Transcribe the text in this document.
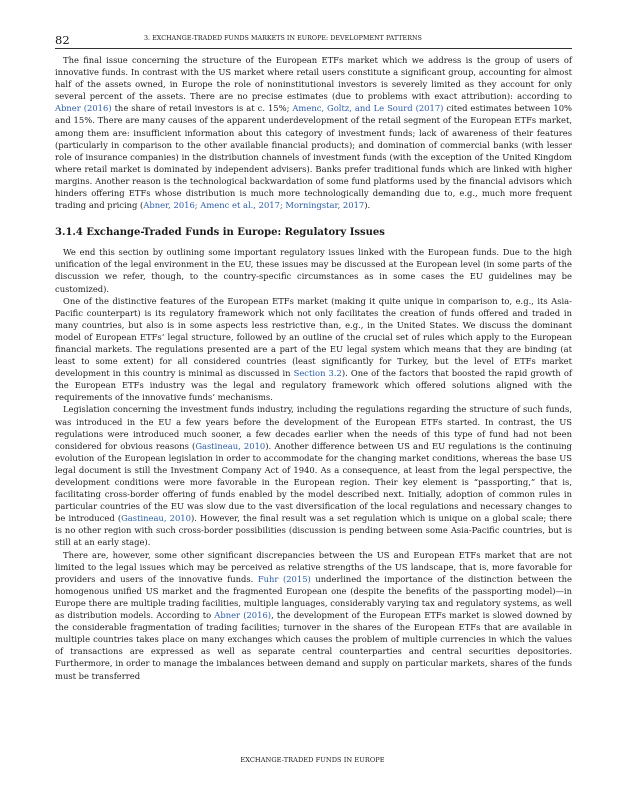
82	3. EXCHANGE-TRADED FUNDS MARKETS IN EUROPE: DEVELOPMENT PATTERNS

The final issue concerning the structure of the European ETFs market which we address is the group of users of innovative funds. In contrast with the US market where retail users constitute a significant group, accounting for almost half of the assets owned, in Europe the role of noninstitutional investors is severely limited as they account for only several percent of the assets. There are no precise estimates (due to problems with exact attribution): according to Abner (2016) the share of retail investors is at c. 15%; Amenc, Goltz, and Le Sourd (2017) cited estimates between 10% and 15%. There are many causes of the apparent underdevelopment of the retail segment of the European ETFs market, among them are: insufficient information about this category of investment funds; lack of awareness of their features (particularly in comparison to the other available financial products); and domination of commercial banks (with lesser role of insurance companies) in the distribution channels of investment funds (with the exception of the United Kingdom where retail market is dominated by independent advisers). Banks prefer traditional funds which are linked with higher margins. Another reason is the technological backwardation of some fund platforms used by the financial advisors which hinders offering ETFs whose distribution is much more technologically demanding due to, e.g., much more frequent trading and pricing (Abner, 2016; Amenc et al., 2017; Morningstar, 2017).

3.1.4 Exchange-Traded Funds in Europe: Regulatory Issues

We end this section by outlining some important regulatory issues linked with the European funds. Due to the high unification of the legal environment in the EU, these issues may be discussed at the European level (in some parts of the discussion we refer, though, to the country-specific circumstances as in some cases the EU guidelines may be customized).

One of the distinctive features of the European ETFs market (making it quite unique in comparison to, e.g., its Asia-Pacific counterpart) is its regulatory framework which not only facilitates the creation of funds offered and traded in many countries, but also is in some aspects less restrictive than, e.g., in the United States. We discuss the dominant model of European ETFs’ legal structure, followed by an outline of the crucial set of rules which apply to the European financial markets. The regulations presented are a part of the EU legal system which means that they are binding (at least to some extent) for all considered countries (least significantly for Turkey, but the level of ETFs market development in this country is minimal as discussed in Section 3.2). One of the factors that boosted the rapid growth of the European ETFs industry was the legal and regulatory framework which offered solutions aligned with the requirements of the innovative funds’ mechanisms.

Legislation concerning the investment funds industry, including the regulations regarding the structure of such funds, was introduced in the EU a few years before the development of the European ETFs started. In contrast, the US regulations were introduced much sooner, a few decades earlier when the needs of this type of fund had not been considered for obvious reasons (Gastineau, 2010). Another difference between US and EU regulations is the continuing evolution of the European legislation in order to accommodate for the changing market conditions, whereas the base US legal document is still the Investment Company Act of 1940. As a consequence, at least from the legal perspective, the development conditions were more favorable in the European region. Their key element is “passporting,” that is, facilitating cross-border offering of funds enabled by the model described next. Initially, adoption of common rules in particular countries of the EU was slow due to the vast diversification of the local regulations and necessary changes to be introduced (Gastineau, 2010). However, the final result was a set regulation which is unique on a global scale; there is no other region with such cross-border possibilities (discussion is pending between some Asia-Pacific countries, but is still at an early stage).

There are, however, some other significant discrepancies between the US and European ETFs market that are not limited to the legal issues which may be perceived as relative strengths of the US landscape, that is, more favorable for providers and users of the innovative funds. Fuhr (2015) underlined the importance of the distinction between the homogenous unified US market and the fragmented European one (despite the benefits of the passporting model)—in Europe there are multiple trading facilities, multiple languages, considerably varying tax and regulatory systems, as well as distribution models. According to Abner (2016), the development of the European ETFs market is slowed downed by the considerable fragmentation of trading facilities; turnover in the shares of the European ETFs that are available in multiple countries takes place on many exchanges which causes the problem of multiple currencies in which the values of transactions are expressed as well as separate central counterparties and central securities depositories. Furthermore, in order to manage the imbalances between demand and supply on particular markets, shares of the funds must be transferred

EXCHANGE-TRADED FUNDS IN EUROPE
